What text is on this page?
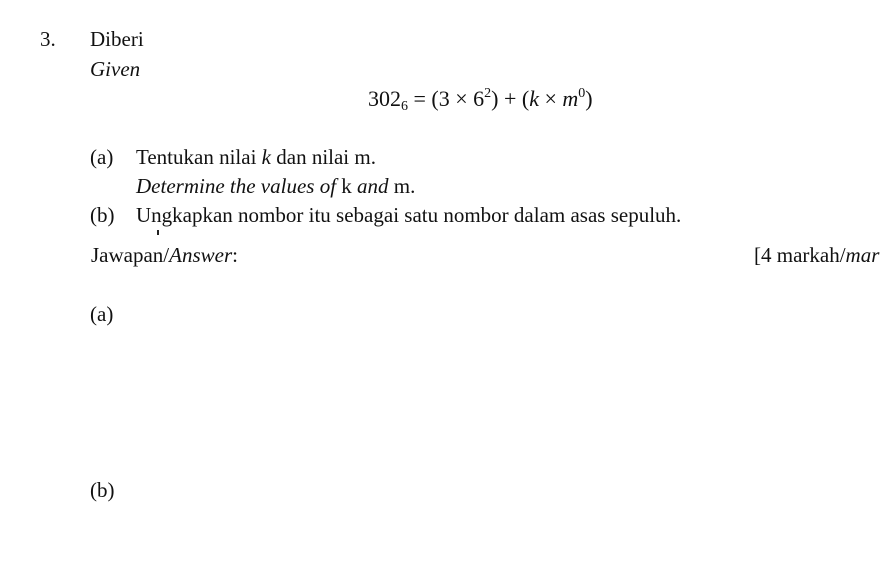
3. Diberi
Given
$302_6 = (3 \times 6^2) + (k \times m^0)$
(a) Tentukan nilai k dan nilai m.
Determine the values of k and m.
(b) Ungkapkan nombor itu sebagai satu nombor dalam asas sepuluh.
Jawapan/Answer:	[4 markah/mar
(a)
(b)
